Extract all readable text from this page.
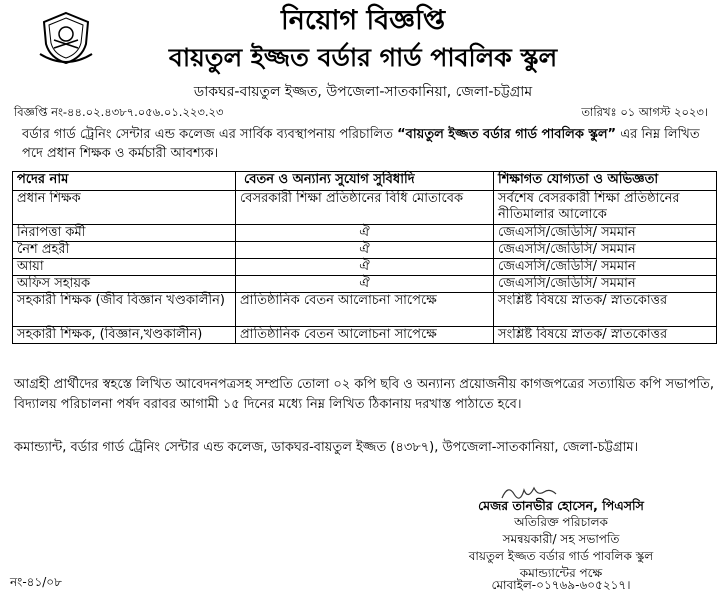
নিয়োগ বিজ্ঞপ্তি
বায়তুল ইজ্জত বর্ডার গার্ড পাবলিক স্কুল
ডাকঘর-বায়তুল ইজ্জত, উপজেলা-সাতকানিয়া, জেলা-চট্টগ্রাম
বিজ্ঞপ্তি নং-৪৪.০২.৪৩৮৭.০৫৬.০১.২২৩.২৩	তারিখঃ ০১ আগস্ট ২০২৩।
বর্ডার গার্ড ট্রেনিং সেন্টার এন্ড কলেজ এর সার্বিক ব্যবস্থাপনায় পরিচালিত “বায়তুল ইজ্জত বর্ডার গার্ড পাবলিক স্কুল” এর নিম্ন লিখিত পদে প্রধান শিক্ষক ও কর্মচারী আবশ্যক।
পদের নাম	বেতন ও অন্যান্য সুযোগ সুবিধাদি	শিক্ষাগত যোগ্যতা ও অভিজ্ঞতা
প্রধান শিক্ষক	বেসরকারী শিক্ষা প্রতিষ্ঠানের বিধি মোতাবেক	সর্বশেষ বেসরকারী শিক্ষা প্রতিষ্ঠানের নীতিমালার আলোকে
নিরাপত্তা কর্মী	ঐ	জেএসসি/জেডিসি/ সমমান
নৈশ প্রহরী	ঐ	জেএসসি/জেডিসি/ সমমান
আয়া	ঐ	জেএসসি/জেডিসি/ সমমান
অফিস সহায়ক	ঐ	জেএসসি/জেডিসি/ সমমান
সহকারী শিক্ষক (জীব বিজ্ঞান খণ্ডকালীন)	প্রাতিষ্ঠানিক বেতন আলোচনা সাপেক্ষে	সংশ্লিষ্ট বিষয়ে স্নাতক/ স্নাতকোত্তর
সহকারী শিক্ষক, (বিজ্ঞান,খণ্ডকালীন)	প্রাতিষ্ঠানিক বেতন আলোচনা সাপেক্ষে	সংশ্লিষ্ট বিষয়ে স্নাতক/ স্নাতকোত্তর
আগ্রহী প্রার্থীদের স্বহস্তে লিখিত আবেদনপত্রসহ সম্প্রতি তোলা ০২ কপি ছবি ও অন্যান্য প্রয়োজনীয় কাগজপত্রের সত্যায়িত কপি সভাপতি, বিদ্যালয় পরিচালনা পর্ষদ বরাবর আগামী ১৫ দিনের মধ্যে নিম্ন লিখিত ঠিকানায় দরখাস্ত পাঠাতে হবে।
কমান্ড্যান্ট, বর্ডার গার্ড ট্রেনিং সেন্টার এন্ড কলেজ, ডাকঘর-বায়তুল ইজ্জত (৪৩৮৭), উপজেলা-সাতকানিয়া, জেলা-চট্টগ্রাম।
মেজর তানভীর হোসেন, পিএসসি
অতিরিক্ত পরিচালক
সমন্বয়কারী/ সহ সভাপতি
বায়তুল ইজ্জত বর্ডার গার্ড পাবলিক স্কুল
কমান্ড্যান্টের পক্ষে
নং-৪১/০৮	মোবাইল-০১৭৬৯-৬০৫২১৭।
